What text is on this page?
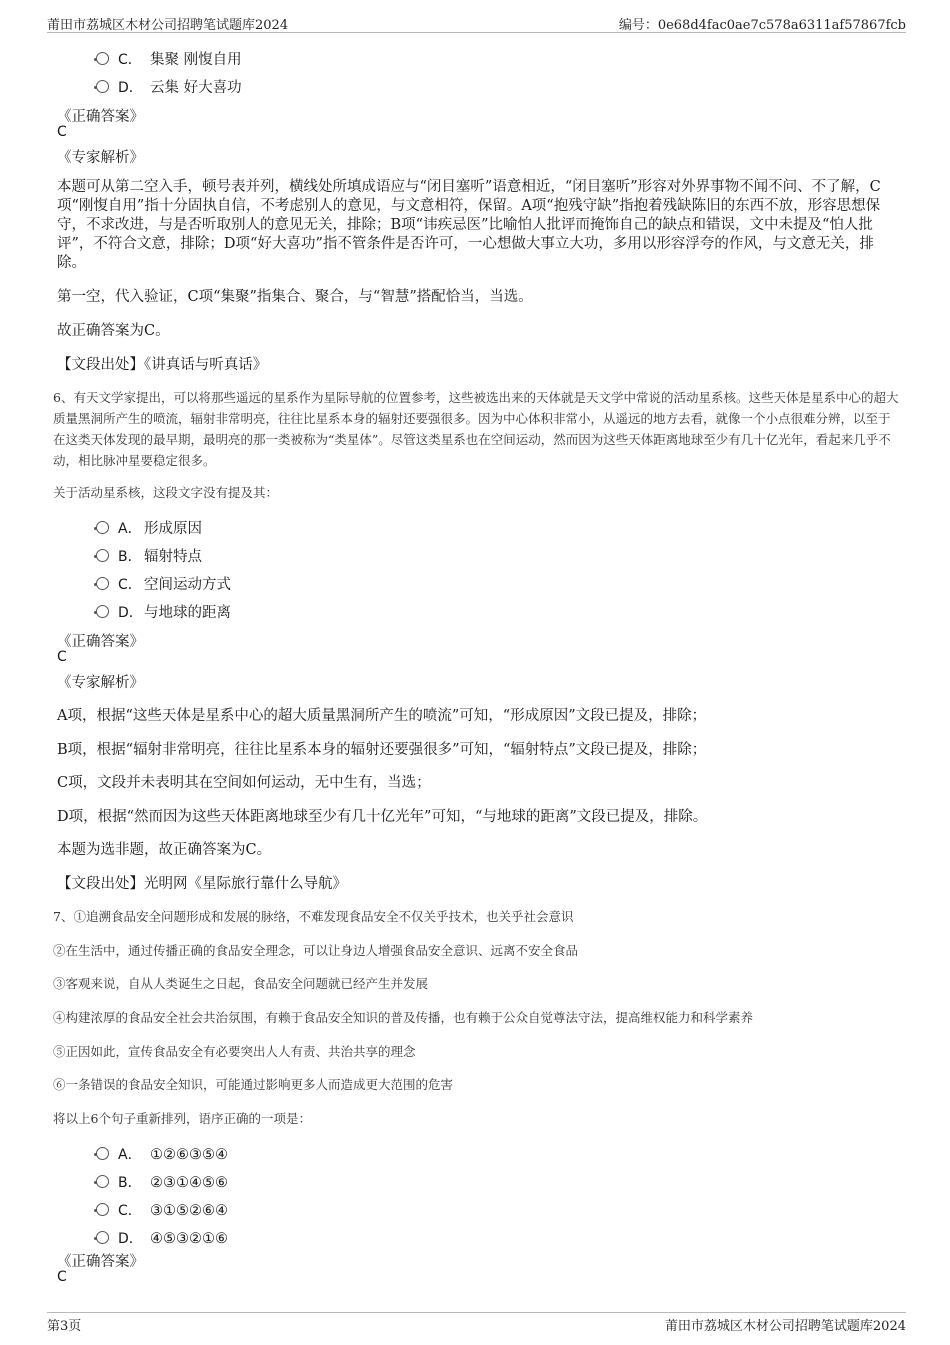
莆田市荔城区木材公司招聘笔试题库2024	编号：0e68d4fac0ae7c578a6311af57867fcb
C． 集聚 刚愎自用
D． 云集 好大喜功
《正确答案》
C
《专家解析》
本题可从第二空入手，顿号表并列，横线处所填成语应与“闭目塞听”语意相近，“闭目塞听”形容对外界事物不闻不问、不了解，C项“刚愎自用”指十分固执自信，不考虑别人的意见，与文意相符，保留。A项“抱残守缺”指抱着残缺陈旧的东西不放，形容思想保守，不求改进，与是否听取别人的意见无关，排除；B项“讳疾忌医”比喻怕人批评而掩饰自己的缺点和错误，文中未提及“怕人批评”，不符合文意，排除；D项“好大喜功”指不管条件是否许可，一心想做大事立大功，多用以形容浮夸的作风，与文意无关，排除。
第一空，代入验证，C项“集聚”指集合、聚合，与“智慧”搭配恰当，当选。
故正确答案为C。
【文段出处】《讲真话与听真话》
6、有天文学家提出，可以将那些遥远的星系作为星际导航的位置参考，这些被选出来的天体就是天文学中常说的活动星系核。这些天体是星系中心的超大质量黑洞所产生的喷流，辐射非常明亮，往往比星系本身的辐射还要强很多。因为中心体积非常小，从遥远的地方去看，就像一个小点很难分辨，以至于在这类天体发现的最早期，最明亮的那一类被称为“类星体”。尽管这类星系也在空间运动，然而因为这些天体距离地球至少有几十亿光年，看起来几乎不动，相比脉冲星要稳定很多。
关于活动星系核，这段文字没有提及其：
A． 形成原因
B． 辐射特点
C． 空间运动方式
D．与地球的距离
《正确答案》
C
《专家解析》
A项，根据“这些天体是星系中心的超大质量黑洞所产生的喷流”可知，“形成原因”文段已提及，排除；
B项，根据“辐射非常明亮，往往比星系本身的辐射还要强很多”可知，“辐射特点”文段已提及，排除；
C项，文段并未表明其在空间如何运动，无中生有，当选；
D项，根据“然而因为这些天体距离地球至少有几十亿光年”可知，“与地球的距离”文段已提及，排除。
本题为选非题，故正确答案为C。
【文段出处】光明网《星际旅行靠什么导航》
7、①追溯食品安全问题形成和发展的脉络，不难发现食品安全不仅关乎技术，也关乎社会意识
②在生活中，通过传播正确的食品安全理念，可以让身边人增强食品安全意识、远离不安全食品
③客观来说，自从人类诞生之日起，食品安全问题就已经产生并发展
④构建浓厚的食品安全社会共治氛围，有赖于食品安全知识的普及传播，也有赖于公众自觉尊法守法，提高维权能力和科学素养
⑤正因如此，宣传食品安全有必要突出人人有责、共治共享的理念
⑥一条错误的食品安全知识，可能通过影响更多人而造成更大范围的危害
将以上6个句子重新排列，语序正确的一项是：
A． ①②⑥③⑤④
B． ②③①④⑤⑥
C． ③①⑤②⑥④
D． ④⑤③②①⑥
《正确答案》
C
第3页	莆田市荔城区木材公司招聘笔试题库2024
